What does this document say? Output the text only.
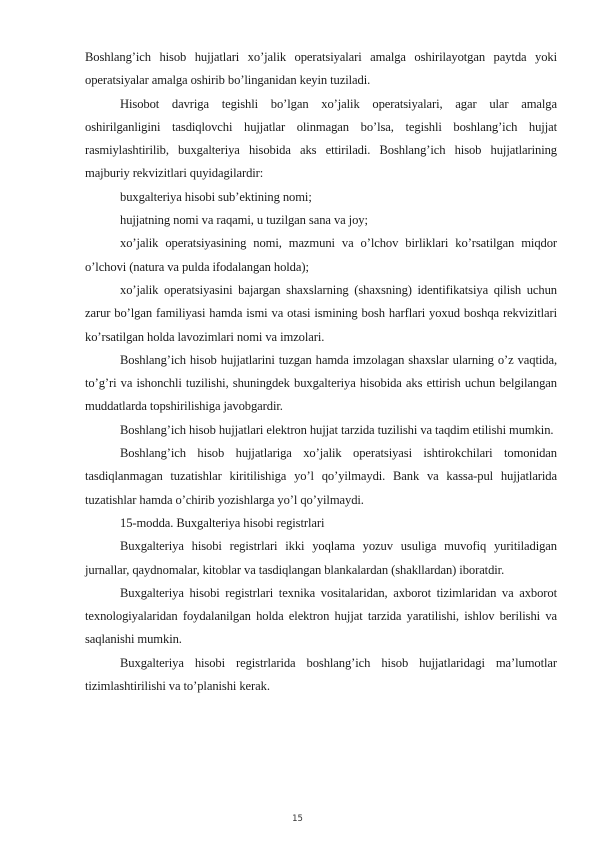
Boshlang’ich hisob hujjatlari xo’jalik operatsiyalari amalga oshirilayotgan paytda yoki operatsiyalar amalga oshirib bo’linganidan keyin tuziladi.

Hisobot davriga tegishli bo’lgan xo’jalik operatsiyalari, agar ular amalga oshirilganligini tasdiqlovchi hujjatlar olinmagan bo’lsa, tegishli boshlang’ich hujjat rasmiylashtirilib, buxgalteriya hisobida aks ettiriladi. Boshlang’ich hisob hujjatlarining majburiy rekvizitlari quyidagilardir:

buxgalteriya hisobi sub’ektining nomi;

hujjatning nomi va raqami, u tuzilgan sana va joy;

xo’jalik operatsiyasining nomi, mazmuni va o’lchov birliklari ko’rsatilgan miqdor o’lchovi (natura va pulda ifodalangan holda);

xo’jalik operatsiyasini bajargan shaxslarning (shaxsning) identifikatsiya qilish uchun zarur bo’lgan familiyasi hamda ismi va otasi ismining bosh harflari yoxud boshqa rekvizitlari ko’rsatilgan holda lavozimlari nomi va imzolari.

Boshlang’ich hisob hujjatlarini tuzgan hamda imzolagan shaxslar ularning o’z vaqtida, to’g’ri va ishonchli tuzilishi, shuningdek buxgalteriya hisobida aks ettirish uchun belgilangan muddatlarda topshirilishiga javobgardir.

Boshlang’ich hisob hujjatlari elektron hujjat tarzida tuzilishi va taqdim etilishi mumkin.

Boshlang’ich hisob hujjatlariga xo’jalik operatsiyasi ishtirokchilari tomonidan tasdiqlanmagan tuzatishlar kiritilishiga yo’l qo’yilmaydi. Bank va kassa-pul hujjatlarida tuzatishlar hamda o’chirib yozishlarga yo’l qo’yilmaydi.

15-modda. Buxgalteriya hisobi registrlari

Buxgalteriya hisobi registrlari ikki yoqlama yozuv usuliga muvofiq yuritiladigan jurnallar, qaydnomalar, kitoblar va tasdiqlangan blankalardan (shakllardan) iboratdir.

Buxgalteriya hisobi registrlari texnika vositalaridan, axborot tizimlaridan va axborot texnologiyalaridan foydalanilgan holda elektron hujjat tarzida yaratilishi, ishlov berilishi va saqlanishi mumkin.

Buxgalteriya hisobi registrlarida boshlang’ich hisob hujjatlaridagi ma’lumotlar tizimlashtirilishi va to’planishi kerak.

15
